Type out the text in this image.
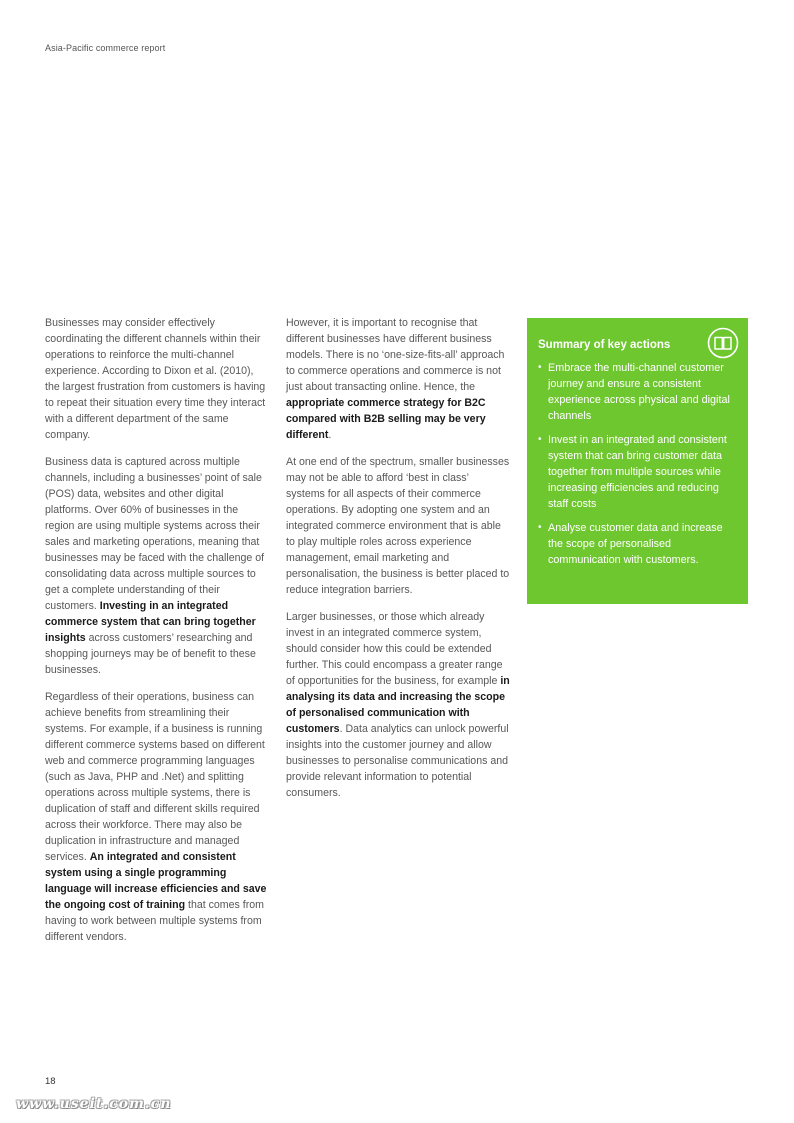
Asia-Pacific commerce report

Businesses may consider effectively coordinating the different channels within their operations to reinforce the multi-channel experience. According to Dixon et al. (2010), the largest frustration from customers is having to repeat their situation every time they interact with a different department of the same company.

Business data is captured across multiple channels, including a businesses’ point of sale (POS) data, websites and other digital platforms. Over 60% of businesses in the region are using multiple systems across their sales and marketing operations, meaning that businesses may be faced with the challenge of consolidating data across multiple sources to get a complete understanding of their customers. Investing in an integrated commerce system that can bring together insights across customers’ researching and shopping journeys may be of benefit to these businesses.

Regardless of their operations, business can achieve benefits from streamlining their systems. For example, if a business is running different commerce systems based on different web and commerce programming languages (such as Java, PHP and .Net) and splitting operations across multiple systems, there is duplication of staff and different skills required across their workforce. There may also be duplication in infrastructure and managed services. An integrated and consistent system using a single programming language will increase efficiencies and save the ongoing cost of training that comes from having to work between multiple systems from different vendors.

However, it is important to recognise that different businesses have different business models. There is no ‘one-size-fits-all’ approach to commerce operations and commerce is not just about transacting online. Hence, the appropriate commerce strategy for B2C compared with B2B selling may be very different.

At one end of the spectrum, smaller businesses may not be able to afford ‘best in class’ systems for all aspects of their commerce operations. By adopting one system and an integrated commerce environment that is able to play multiple roles across experience management, email marketing and personalisation, the business is better placed to reduce integration barriers.

Larger businesses, or those which already invest in an integrated commerce system, should consider how this could be extended further. This could encompass a greater range of opportunities for the business, for example in analysing its data and increasing the scope of personalised communication with customers. Data analytics can unlock powerful insights into the customer journey and allow businesses to personalise communications and provide relevant information to potential consumers.

Summary of key actions
• Embrace the multi-channel customer journey and ensure a consistent experience across physical and digital channels
• Invest in an integrated and consistent system that can bring customer data together from multiple sources while increasing efficiencies and reducing staff costs
• Analyse customer data and increase the scope of personalised communication with customers.
18
www.useit.com.cn
